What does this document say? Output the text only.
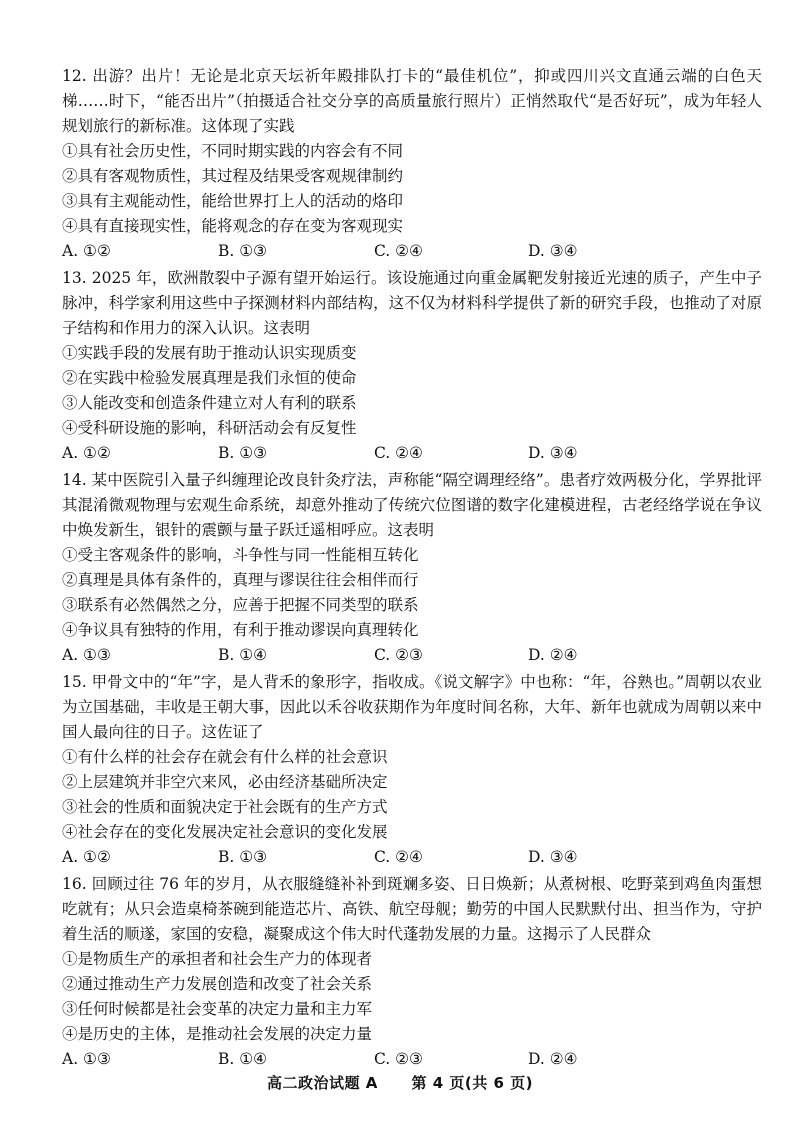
12. 出游？出片！无论是北京天坛祈年殿排队打卡的“最佳机位”，抑或四川兴文直通云端的白色天梯……时下，“能否出片”（拍摄适合社交分享的高质量旅行照片）正悄然取代“是否好玩”，成为年轻人规划旅行的新标准。这体现了实践

①具有社会历史性，不同时期实践的内容会有不同

②具有客观物质性，其过程及结果受客观规律制约

③具有主观能动性，能给世界打上人的活动的烙印

④具有直接现实性，能将观念的存在变为客观现实

A. ①②	B. ①③	C. ②④	D. ③④

13. 2025 年，欧洲散裂中子源有望开始运行。该设施通过向重金属靶发射接近光速的质子，产生中子脉冲，科学家利用这些中子探测材料内部结构，这不仅为材料科学提供了新的研究手段，也推动了对原子结构和作用力的深入认识。这表明

①实践手段的发展有助于推动认识实现质变

②在实践中检验发展真理是我们永恒的使命

③人能改变和创造条件建立对人有利的联系

④受科研设施的影响，科研活动会有反复性

A. ①②	B. ①③	C. ②④	D. ③④

14. 某中医院引入量子纠缠理论改良针灸疗法，声称能“隔空调理经络”。患者疗效两极分化，学界批评其混淆微观物理与宏观生命系统，却意外推动了传统穴位图谱的数字化建模进程，古老经络学说在争议中焕发新生，银针的震颤与量子跃迁遥相呼应。这表明

①受主客观条件的影响，斗争性与同一性能相互转化

②真理是具体有条件的，真理与谬误往往会相伴而行

③联系有必然偶然之分，应善于把握不同类型的联系

④争议具有独特的作用，有利于推动谬误向真理转化

A. ①③	B. ①④	C. ②③	D. ②④

15. 甲骨文中的“年”字，是人背禾的象形字，指收成。《说文解字》中也称：“年，谷熟也。”周朝以农业为立国基础，丰收是王朝大事，因此以禾谷收获期作为年度时间名称，大年、新年也就成为周朝以来中国人最向往的日子。这佐证了

①有什么样的社会存在就会有什么样的社会意识

②上层建筑并非空穴来风，必由经济基础所决定

③社会的性质和面貌决定于社会既有的生产方式

④社会存在的变化发展决定社会意识的变化发展

A. ①②	B. ①③	C. ②④	D. ③④

16. 回顾过往 76 年的岁月，从衣服缝缝补补到斑斓多姿、日日焕新；从煮树根、吃野菜到鸡鱼肉蛋想吃就有；从只会造桌椅茶碗到能造芯片、高铁、航空母舰；勤劳的中国人民默默付出、担当作为，守护着生活的顺遂，家国的安稳，凝聚成这个伟大时代蓬勃发展的力量。这揭示了人民群众

①是物质生产的承担者和社会生产力的体现者

②通过推动生产力发展创造和改变了社会关系

③任何时候都是社会变革的决定力量和主力军

④是历史的主体，是推动社会发展的决定力量

A. ①③	B. ①④	C. ②③	D. ②④
高二政治试题 A 第 4 页(共 6 页)
